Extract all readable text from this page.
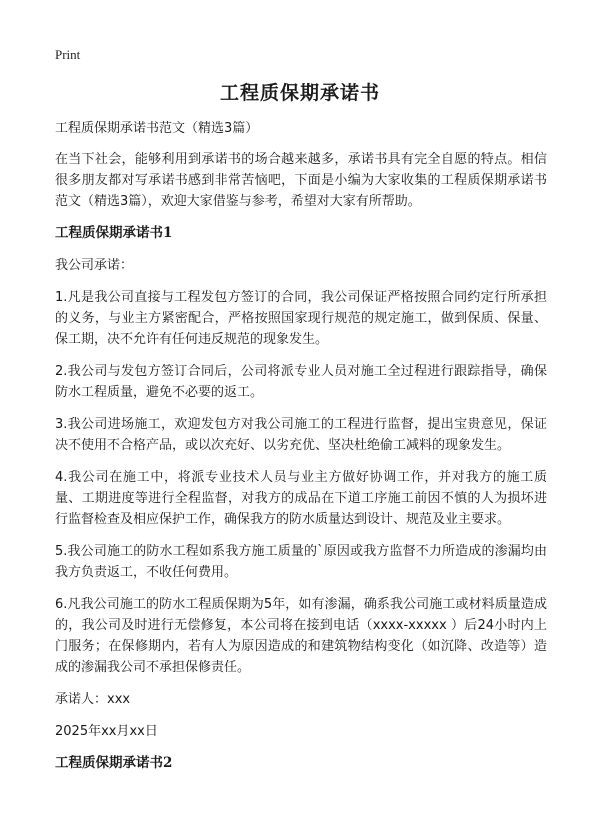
Print
工程质保期承诺书

工程质保期承诺书范文（精选3篇）

在当下社会，能够利用到承诺书的场合越来越多，承诺书具有完全自愿的特点。相信很多朋友都对写承诺书感到非常苦恼吧，下面是小编为大家收集的工程质保期承诺书范文（精选3篇），欢迎大家借鉴与参考，希望对大家有所帮助。

工程质保期承诺书1

我公司承诺：

1.凡是我公司直接与工程发包方签订的合同，我公司保证严格按照合同约定行所承担的义务，与业主方紧密配合，严格按照国家现行规范的规定施工，做到保质、保量、保工期，决不允许有任何违反规范的现象发生。

2.我公司与发包方签订合同后，公司将派专业人员对施工全过程进行跟踪指导，确保防水工程质量，避免不必要的返工。

3.我公司进场施工，欢迎发包方对我公司施工的工程进行监督，提出宝贵意见，保证决不使用不合格产品，或以次充好、以劣充优、坚决杜绝偷工减料的现象发生。

4.我公司在施工中，将派专业技术人员与业主方做好协调工作，并对我方的施工质量、工期进度等进行全程监督，对我方的成品在下道工序施工前因不慎的人为损坏进行监督检查及相应保护工作，确保我方的防水质量达到设计、规范及业主要求。

5.我公司施工的防水工程如系我方施工质量的`原因或我方监督不力所造成的渗漏均由我方负责返工，不收任何费用。

6.凡我公司施工的防水工程质保期为5年，如有渗漏，确系我公司施工或材料质量造成的，我公司及时进行无偿修复，本公司将在接到电话（xxxx-xxxxx ）后24小时内上门服务；在保修期内，若有人为原因造成的和建筑物结构变化（如沉降、改造等）造成的渗漏我公司不承担保修责任。

承诺人：xxx

2025年xx月xx日

工程质保期承诺书2
